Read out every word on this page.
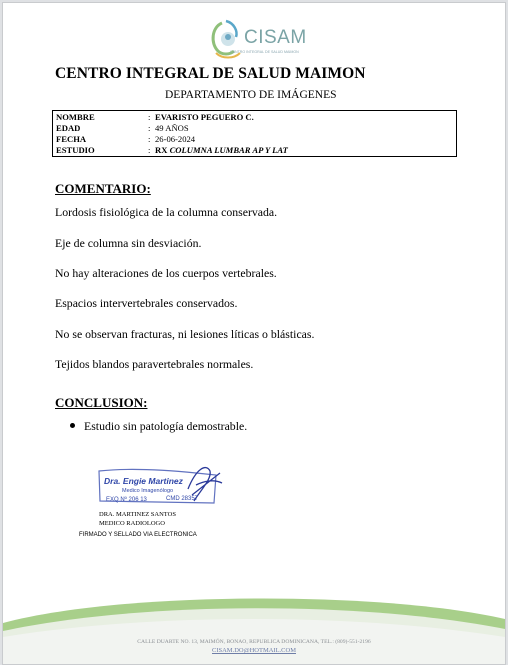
CISAM
CENTRO INTEGRAL DE SALUD MAIMON
CENTRO INTEGRAL DE SALUD MAIMON
DEPARTAMENTO DE IMÁGENES
NOMBRE	: EVARISTO PEGUERO C.
EDAD	: 49 AÑOS
FECHA	: 26-06-2024
ESTUDIO	: RX COLUMNA LUMBAR AP Y LAT
COMENTARIO:
Lordosis fisiológica de la columna conservada.
Eje de columna sin desviación.
No hay alteraciones de los cuerpos vertebrales.
Espacios intervertebrales conservados.
No se observan fracturas, ni lesiones líticas o blásticas.
Tejidos blandos paravertebrales normales.
CONCLUSION:
Estudio sin patología demostrable.
Dra. Engie Martinez
Medico Imagenólogo
EXQ Nº 206 13	CMD 28357
DRA. MARTINEZ SANTOS
MEDICO RADIOLOGO
FIRMADO Y SELLADO VIA ELECTRONICA
CALLE DUARTE NO. 13, MAIMÓN, BONAO, REPUBLICA DOMINICANA, TEL.: (809)-551-2196
CISAM.DO@HOTMAIL.COM
